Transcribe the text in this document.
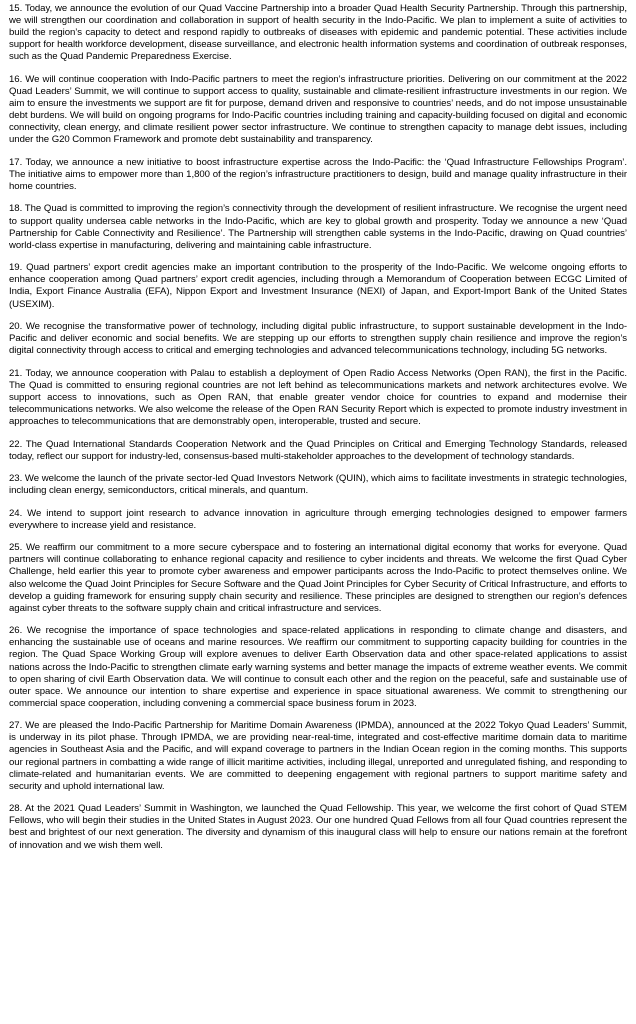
15. Today, we announce the evolution of our Quad Vaccine Partnership into a broader Quad Health Security Partnership. Through this partnership, we will strengthen our coordination and collaboration in support of health security in the Indo-Pacific. We plan to implement a suite of activities to build the region’s capacity to detect and respond rapidly to outbreaks of diseases with epidemic and pandemic potential. These activities include support for health workforce development, disease surveillance, and electronic health information systems and coordination of outbreak responses, such as the Quad Pandemic Preparedness Exercise.

16. We will continue cooperation with Indo-Pacific partners to meet the region’s infrastructure priorities. Delivering on our commitment at the 2022 Quad Leaders’ Summit, we will continue to support access to quality, sustainable and climate-resilient infrastructure investments in our region. We aim to ensure the investments we support are fit for purpose, demand driven and responsive to countries’ needs, and do not impose unsustainable debt burdens. We will build on ongoing programs for Indo-Pacific countries including training and capacity-building focused on digital and economic connectivity, clean energy, and climate resilient power sector infrastructure. We continue to strengthen capacity to manage debt issues, including under the G20 Common Framework and promote debt sustainability and transparency.

17. Today, we announce a new initiative to boost infrastructure expertise across the Indo-Pacific: the ‘Quad Infrastructure Fellowships Program’. The initiative aims to empower more than 1,800 of the region’s infrastructure practitioners to design, build and manage quality infrastructure in their home countries.

18. The Quad is committed to improving the region’s connectivity through the development of resilient infrastructure. We recognise the urgent need to support quality undersea cable networks in the Indo-Pacific, which are key to global growth and prosperity. Today we announce a new ‘Quad Partnership for Cable Connectivity and Resilience’. The Partnership will strengthen cable systems in the Indo-Pacific, drawing on Quad countries’ world-class expertise in manufacturing, delivering and maintaining cable infrastructure.

19. Quad partners’ export credit agencies make an important contribution to the prosperity of the Indo-Pacific. We welcome ongoing efforts to enhance cooperation among Quad partners’ export credit agencies, including through a Memorandum of Cooperation between ECGC Limited of India, Export Finance Australia (EFA), Nippon Export and Investment Insurance (NEXI) of Japan, and Export-Import Bank of the United States (USEXIM).

20. We recognise the transformative power of technology, including digital public infrastructure, to support sustainable development in the Indo-Pacific and deliver economic and social benefits. We are stepping up our efforts to strengthen supply chain resilience and improve the region’s digital connectivity through access to critical and emerging technologies and advanced telecommunications technology, including 5G networks.

21. Today, we announce cooperation with Palau to establish a deployment of Open Radio Access Networks (Open RAN), the first in the Pacific. The Quad is committed to ensuring regional countries are not left behind as telecommunications markets and network architectures evolve. We support access to innovations, such as Open RAN, that enable greater vendor choice for countries to expand and modernise their telecommunications networks. We also welcome the release of the Open RAN Security Report which is expected to promote industry investment in approaches to telecommunications that are demonstrably open, interoperable, trusted and secure.

22. The Quad International Standards Cooperation Network and the Quad Principles on Critical and Emerging Technology Standards, released today, reflect our support for industry-led, consensus-based multi-stakeholder approaches to the development of technology standards.

23. We welcome the launch of the private sector-led Quad Investors Network (QUIN), which aims to facilitate investments in strategic technologies, including clean energy, semiconductors, critical minerals, and quantum.

24. We intend to support joint research to advance innovation in agriculture through emerging technologies designed to empower farmers everywhere to increase yield and resistance.

25. We reaffirm our commitment to a more secure cyberspace and to fostering an international digital economy that works for everyone. Quad partners will continue collaborating to enhance regional capacity and resilience to cyber incidents and threats. We welcome the first Quad Cyber Challenge, held earlier this year to promote cyber awareness and empower participants across the Indo-Pacific to protect themselves online. We also welcome the Quad Joint Principles for Secure Software and the Quad Joint Principles for Cyber Security of Critical Infrastructure, and efforts to develop a guiding framework for ensuring supply chain security and resilience. These principles are designed to strengthen our region’s defences against cyber threats to the software supply chain and critical infrastructure and services.

26. We recognise the importance of space technologies and space-related applications in responding to climate change and disasters, and enhancing the sustainable use of oceans and marine resources. We reaffirm our commitment to supporting capacity building for countries in the region. The Quad Space Working Group will explore avenues to deliver Earth Observation data and other space-related applications to assist nations across the Indo-Pacific to strengthen climate early warning systems and better manage the impacts of extreme weather events. We commit to open sharing of civil Earth Observation data. We will continue to consult each other and the region on the peaceful, safe and sustainable use of outer space. We announce our intention to share expertise and experience in space situational awareness. We commit to strengthening our commercial space cooperation, including convening a commercial space business forum in 2023.

27. We are pleased the Indo-Pacific Partnership for Maritime Domain Awareness (IPMDA), announced at the 2022 Tokyo Quad Leaders’ Summit, is underway in its pilot phase. Through IPMDA, we are providing near-real-time, integrated and cost-effective maritime domain data to maritime agencies in Southeast Asia and the Pacific, and will expand coverage to partners in the Indian Ocean region in the coming months. This supports our regional partners in combatting a wide range of illicit maritime activities, including illegal, unreported and unregulated fishing, and responding to climate-related and humanitarian events. We are committed to deepening engagement with regional partners to support maritime safety and security and uphold international law.

28. At the 2021 Quad Leaders’ Summit in Washington, we launched the Quad Fellowship. This year, we welcome the first cohort of Quad STEM Fellows, who will begin their studies in the United States in August 2023. Our one hundred Quad Fellows from all four Quad countries represent the best and brightest of our next generation. The diversity and dynamism of this inaugural class will help to ensure our nations remain at the forefront of innovation and we wish them well.
